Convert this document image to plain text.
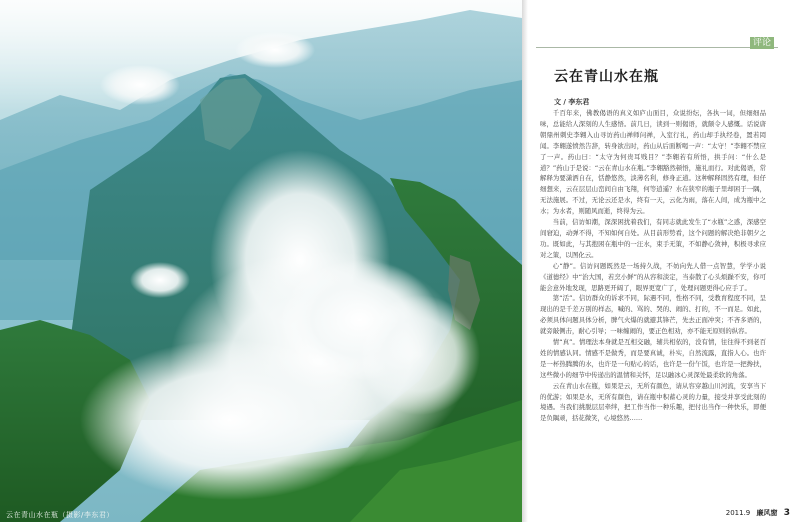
云在青山水在瓶（摄影/李东君）
评论
云在青山水在瓶
文 / 李东君

千百年来，佛教偈语的真义如庐山面目，众说纷纭，各执一词，但细细品味，总能给人深刻的人生感悟。前几日，读到一则偈语，就颇令人感慨。话说唐朝鼎州刺史李翱入山寻访药山禅师问禅，入室行礼，药山却手执经卷，置若罔闻。李翱遂愤然告辞，转身欲出时，药山从后面断喝一声：“太守！”李翱不禁应了一声。药山曰：“太守为何贵耳贱目？”李翱若有所悟，拱手问：“什么是道？”药山于是说：“云在青山水在瓶。”李翱豁然顿悟，施礼而行。对此偈语，常解释为要潇洒自在，恬静悠然，淡薄名利，修身正道。这种解释固然有理，但仔细想来，云在层层山峦间自由飞翔，何等逍遥？水在狭窄的瓶子里却困于一隅，无法施展。不过，无论云还是水，终有一天，云化为雨，落在人间，成为瓶中之水；为水者，则随风而逝，终得为云。

当前，信访如潮，深深困扰着我们，有同志就此发生了“水瓶”之惑，深感空间窘迫，动弹不得，不知如何自处。从目前形势看，这个问题的解决绝非朝夕之功。既如此，与其抱困在瓶中的一汪水，束手无策，不如静心敛神，积极寻求应对之策，以图化云。

心“静”。信访问题既然是一场持久战，不妨向先人借一点智慧，学学小说《道德经》中“治大国，若烹小鲜”的从容和淡定，当泰散了心头烦躁不安，你可能会意外地发现，思路更开阔了，眼界更宽广了，处理问题更得心应手了。

第“活”。信访群众的诉求不同，际遇不同，性格不同，受教育程度不同，呈现出的是千差万别的样态，喊的、骂的、哭的、闹的、打的，不一而足。如此，必须具体问题具体分析，脾气火爆的就避其锋芒，先去正面冲突；不吝多语的，就旁敲侧击，耐心引导；一味缠闹的，要正色相劝，亦不能无原则的纵容。

情“真”。情理法本身就是互相交融，辅共相依的，没有情，往往得不到老百姓的情感认同。情感不是做秀，而是要真诚，朴实，自然流露，直指人心。也许是一杯热腾腾的水，也许是一句贴心的话，也许是一份午饭，也许是一把搀扶，这些微小的细节中传递出的温情和关怀，足以融冰心灵深处最柔软的角落。

云在青山水在瓶，如果是云，无所有颜色，请从容穿越山川河流，安享当下的优游；如果是水，无所有颜色，请在瓶中积蓄心灵的力量，接受并享受此刻的境遇。当我们挑脱层层牵绊，把工作当作一种乐趣，把付出当作一种快乐，即便是负隅顽，括花微笑，心境悠然……

2011.9 廉风窗 3
